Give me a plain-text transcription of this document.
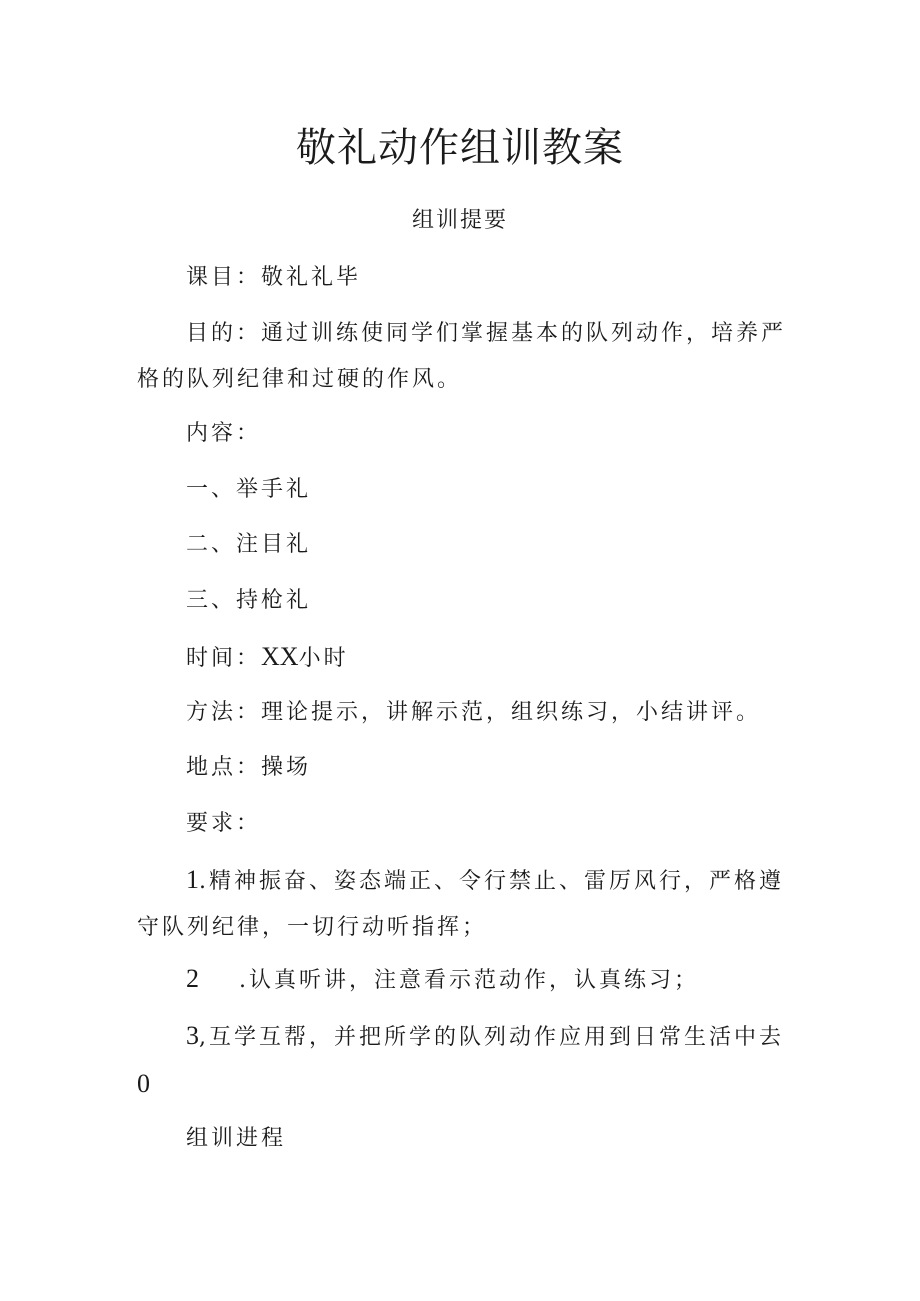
敬礼动作组训教案
组训提要
课目：敬礼礼毕
目的：通过训练使同学们掌握基本的队列动作，培养严格的队列纪律和过硬的作风。
内容：
一、举手礼
二、注目礼
三、持枪礼
时间：XX小时
方法：理论提示，讲解示范，组织练习，小结讲评。
地点：操场
要求：
1.精神振奋、姿态端正、令行禁止、雷厉风行，严格遵守队列纪律，一切行动听指挥；
2 .认真听讲，注意看示范动作，认真练习；
3,互学互帮，并把所学的队列动作应用到日常生活中去
0
组训进程
